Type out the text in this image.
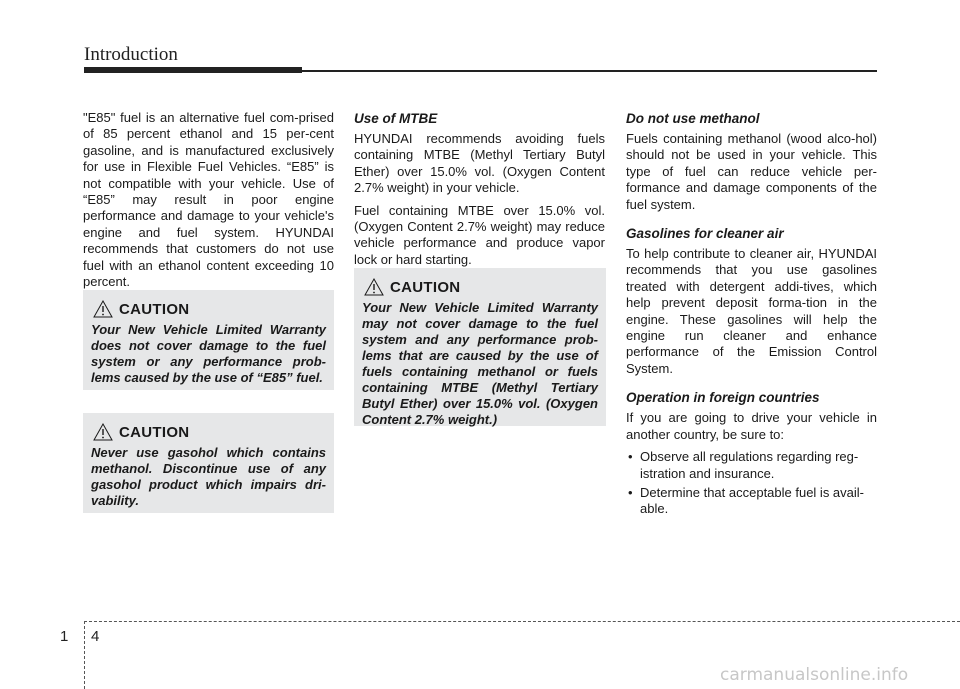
Introduction

"E85" fuel is an alternative fuel com-prised of 85 percent ethanol and 15 per-cent gasoline, and is manufactured exclusively for use in Flexible Fuel Vehicles. “E85” is not compatible with your vehicle. Use of “E85” may result in poor engine performance and damage to your vehicle's engine and fuel system. HYUNDAI recommends that customers do not use fuel with an ethanol content exceeding 10 percent.

CAUTION

Your New Vehicle Limited Warranty does not cover damage to the fuel system or any performance prob-lems caused by the use of “E85” fuel.

CAUTION

Never use gasohol which contains methanol. Discontinue use of any gasohol product which impairs dri-vability.

Use of MTBE

HYUNDAI recommends avoiding fuels containing MTBE (Methyl Tertiary Butyl Ether) over 15.0% vol. (Oxygen Content 2.7% weight) in your vehicle.

Fuel containing MTBE over 15.0% vol. (Oxygen Content 2.7% weight) may reduce vehicle performance and produce vapor lock or hard starting.

CAUTION

Your New Vehicle Limited Warranty may not cover damage to the fuel system and any performance prob-lems that are caused by the use of fuels containing methanol or fuels containing MTBE (Methyl Tertiary Butyl Ether) over 15.0% vol. (Oxygen Content 2.7% weight.)

Do not use methanol

Fuels containing methanol (wood alco-hol) should not be used in your vehicle. This type of fuel can reduce vehicle per-formance and damage components of the fuel system.

Gasolines for cleaner air

To help contribute to cleaner air, HYUNDAI recommends that you use gasolines treated with detergent addi-tives, which help prevent deposit forma-tion in the engine. These gasolines will help the engine run cleaner and enhance performance of the Emission Control System.

Operation in foreign countries

If you are going to drive your vehicle in another country, be sure to:

• Observe all regulations regarding reg-istration and insurance.
• Determine that acceptable fuel is avail-able.
1 4
carmanualsonline.info
